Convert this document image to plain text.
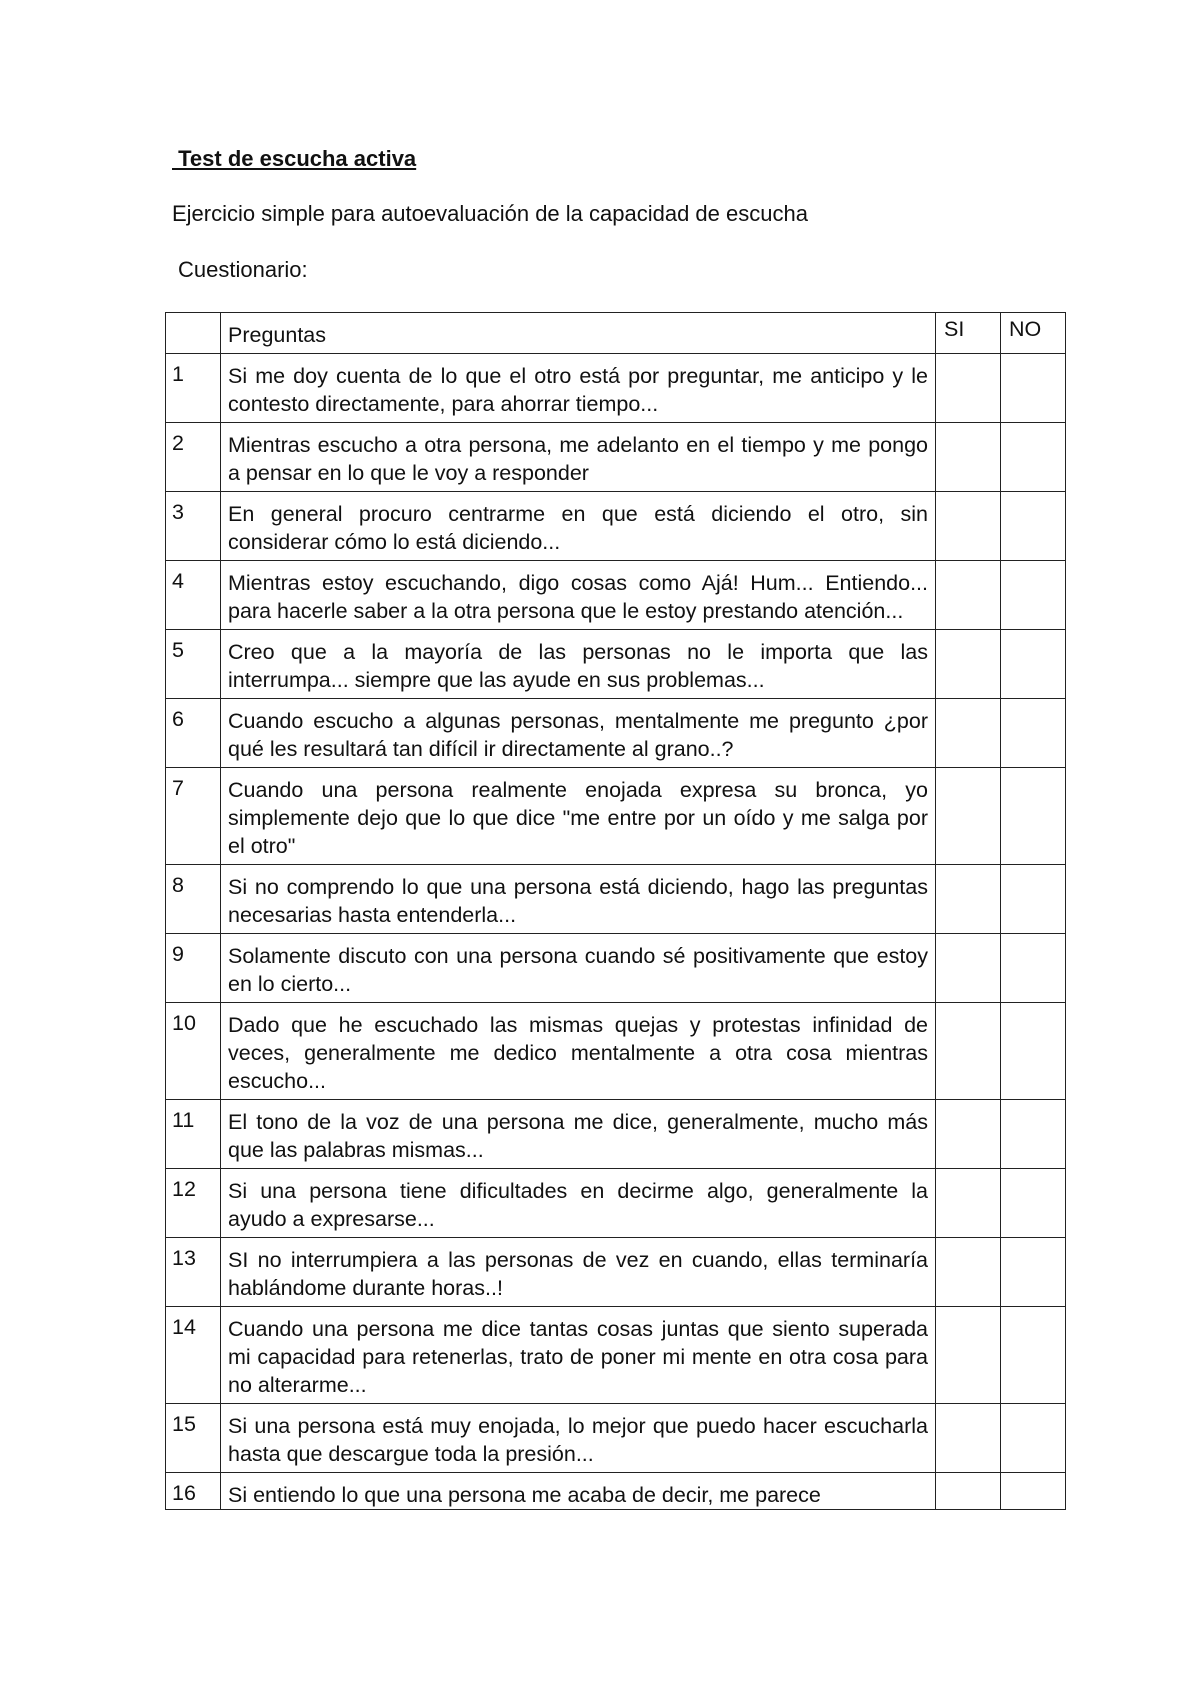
Test de escucha activa
Ejercicio simple para autoevaluación de la capacidad de escucha
Cuestionario:
	Preguntas	SI	NO
1	Si me doy cuenta de lo que el otro está por preguntar, me anticipo y le contesto directamente, para ahorrar tiempo...		
2	Mientras escucho a otra persona, me adelanto en el tiempo y me pongo a pensar en lo que le voy a responder		
3	En general procuro centrarme en que está diciendo el otro, sin considerar cómo lo está diciendo...		
4	Mientras estoy escuchando, digo cosas como Ajá! Hum... Entiendo... para hacerle saber a la otra persona que le estoy prestando atención...		
5	Creo que a la mayoría de las personas no le importa que las interrumpa... siempre que las ayude en sus problemas...		
6	Cuando escucho a algunas personas, mentalmente me pregunto ¿por qué les resultará tan difícil ir directamente al grano..?		
7	Cuando una persona realmente enojada expresa su bronca, yo simplemente dejo que lo que dice "me entre por un oído y me salga por el otro"		
8	Si no comprendo lo que una persona está diciendo, hago las preguntas necesarias hasta entenderla...		
9	Solamente discuto con una persona cuando sé positivamente que estoy en lo cierto...		
10	Dado que he escuchado las mismas quejas y protestas infinidad de veces, generalmente me dedico mentalmente a otra cosa mientras escucho...		
11	El tono de la voz de una persona me dice, generalmente, mucho más que las palabras mismas...		
12	Si una persona tiene dificultades en decirme algo, generalmente la ayudo a expresarse...		
13	SI no interrumpiera a las personas de vez en cuando, ellas terminaría hablándome durante horas..!		
14	Cuando una persona me dice tantas cosas juntas que siento superada mi capacidad para retenerlas, trato de poner mi mente en otra cosa para no alterarme...		
15	Si una persona está muy enojada, lo mejor que puedo hacer escucharla hasta que descargue toda la presión...		
16	Si entiendo lo que una persona me acaba de decir, me parece		
